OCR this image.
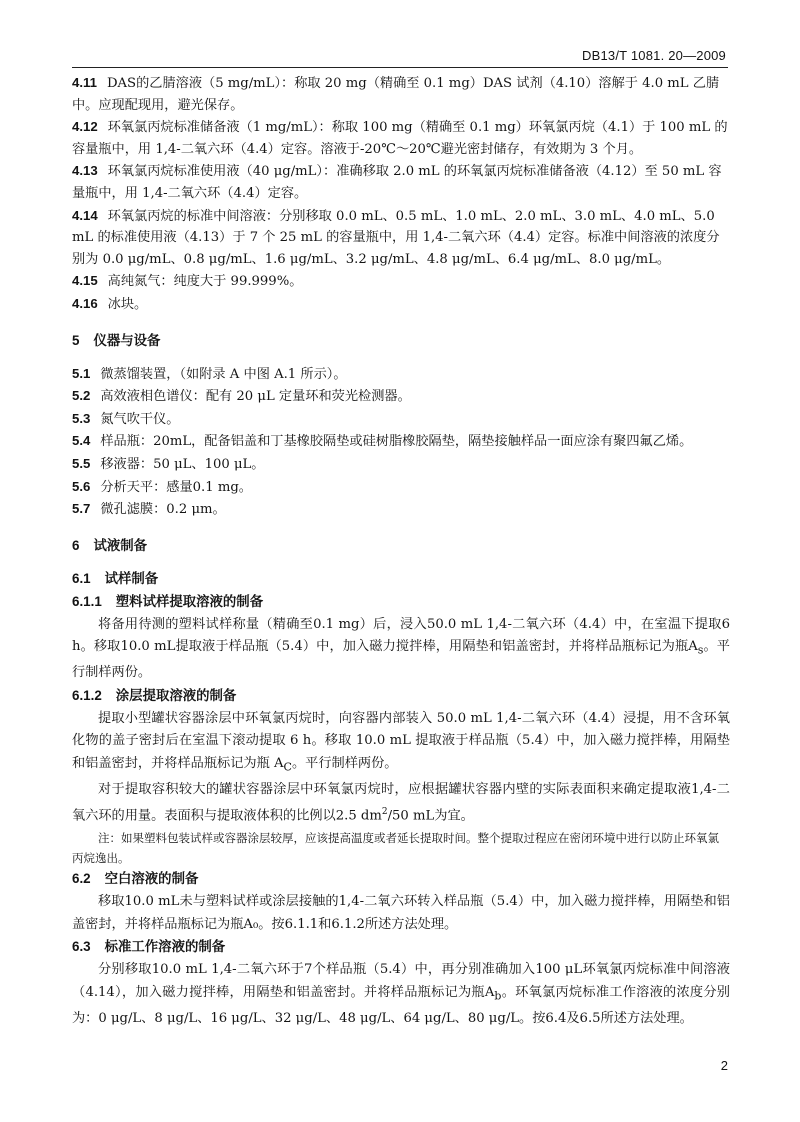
DB13/T 1081. 20—2009

4.11 DAS的乙腈溶液（5 mg/mL）：称取 20 mg（精确至 0.1 mg）DAS 试剂（4.10）溶解于 4.0 mL 乙腈中。应现配现用，避光保存。

4.12 环氧氯丙烷标准储备液（1 mg/mL）：称取 100 mg（精确至 0.1 mg）环氧氯丙烷（4.1）于 100 mL 的容量瓶中，用 1,4-二氧六环（4.4）定容。溶液于-20℃～20℃避光密封储存，有效期为 3 个月。

4.13 环氧氯丙烷标准使用液（40 μg/mL）：准确移取 2.0 mL 的环氧氯丙烷标准储备液（4.12）至 50 mL 容量瓶中，用 1,4-二氧六环（4.4）定容。

4.14 环氧氯丙烷的标准中间溶液：分别移取 0.0 mL、0.5 mL、1.0 mL、2.0 mL、3.0 mL、4.0 mL、5.0 mL 的标准使用液（4.13）于 7 个 25 mL 的容量瓶中，用 1,4-二氧六环（4.4）定容。标准中间溶液的浓度分别为 0.0 μg/mL、0.8 μg/mL、1.6 μg/mL、3.2 μg/mL、4.8 μg/mL、6.4 μg/mL、8.0 μg/mL。

4.15 高纯氮气：纯度大于 99.999%。

4.16 冰块。

5 仪器与设备

5.1 微蒸馏装置，（如附录 A 中图 A.1 所示）。

5.2 高效液相色谱仪：配有 20 μL 定量环和荧光检测器。

5.3 氮气吹干仪。

5.4 样品瓶：20mL，配备铝盖和丁基橡胶隔垫或硅树脂橡胶隔垫，隔垫接触样品一面应涂有聚四氟乙烯。

5.5 移液器：50 μL、100 μL。

5.6 分析天平：感量0.1 mg。

5.7 微孔滤膜：0.2 μm。

6 试液制备

6.1 试样制备

6.1.1 塑料试样提取溶液的制备

将备用待测的塑料试样称量（精确至0.1 mg）后，浸入50.0 mL 1,4-二氧六环（4.4）中，在室温下提取6 h。移取10.0 mL提取液于样品瓶（5.4）中，加入磁力搅拌棒，用隔垫和铝盖密封，并将样品瓶标记为瓶$A_s$。平行制样两份。

6.1.2 涂层提取溶液的制备

提取小型罐状容器涂层中环氧氯丙烷时，向容器内部装入 50.0 mL 1,4-二氧六环（4.4）浸提，用不含环氧化物的盖子密封后在室温下滚动提取 6 h。移取 10.0 mL 提取液于样品瓶（5.4）中，加入磁力搅拌棒，用隔垫和铝盖密封，并将样品瓶标记为瓶 $A_C$。平行制样两份。

对于提取容积较大的罐状容器涂层中环氧氯丙烷时，应根据罐状容器内壁的实际表面积来确定提取液1,4-二氧六环的用量。表面积与提取液体积的比例以2.5 $dm^2/50$ mL为宜。

注：如果塑料包装试样或容器涂层较厚，应该提高温度或者延长提取时间。整个提取过程应在密闭环境中进行以防止环氧氯丙烷逸出。

6.2 空白溶液的制备

移取10.0 mL未与塑料试样或涂层接触的1,4-二氧六环转入样品瓶（5.4）中，加入磁力搅拌棒，用隔垫和铝盖密封，并将样品瓶标记为瓶A₀。按6.1.1和6.1.2所述方法处理。

6.3 标准工作溶液的制备

分别移取10.0 mL 1,4-二氧六环于7个样品瓶（5.4）中，再分别准确加入100 μL环氧氯丙烷标准中间溶液（4.14），加入磁力搅拌棒，用隔垫和铝盖密封。并将样品瓶标记为瓶$A_b$。环氧氯丙烷标准工作溶液的浓度分别为：0 μg/L、8 μg/L、16 μg/L、32 μg/L、48 μg/L、64 μg/L、80 μg/L。按6.4及6.5所述方法处理。

2
